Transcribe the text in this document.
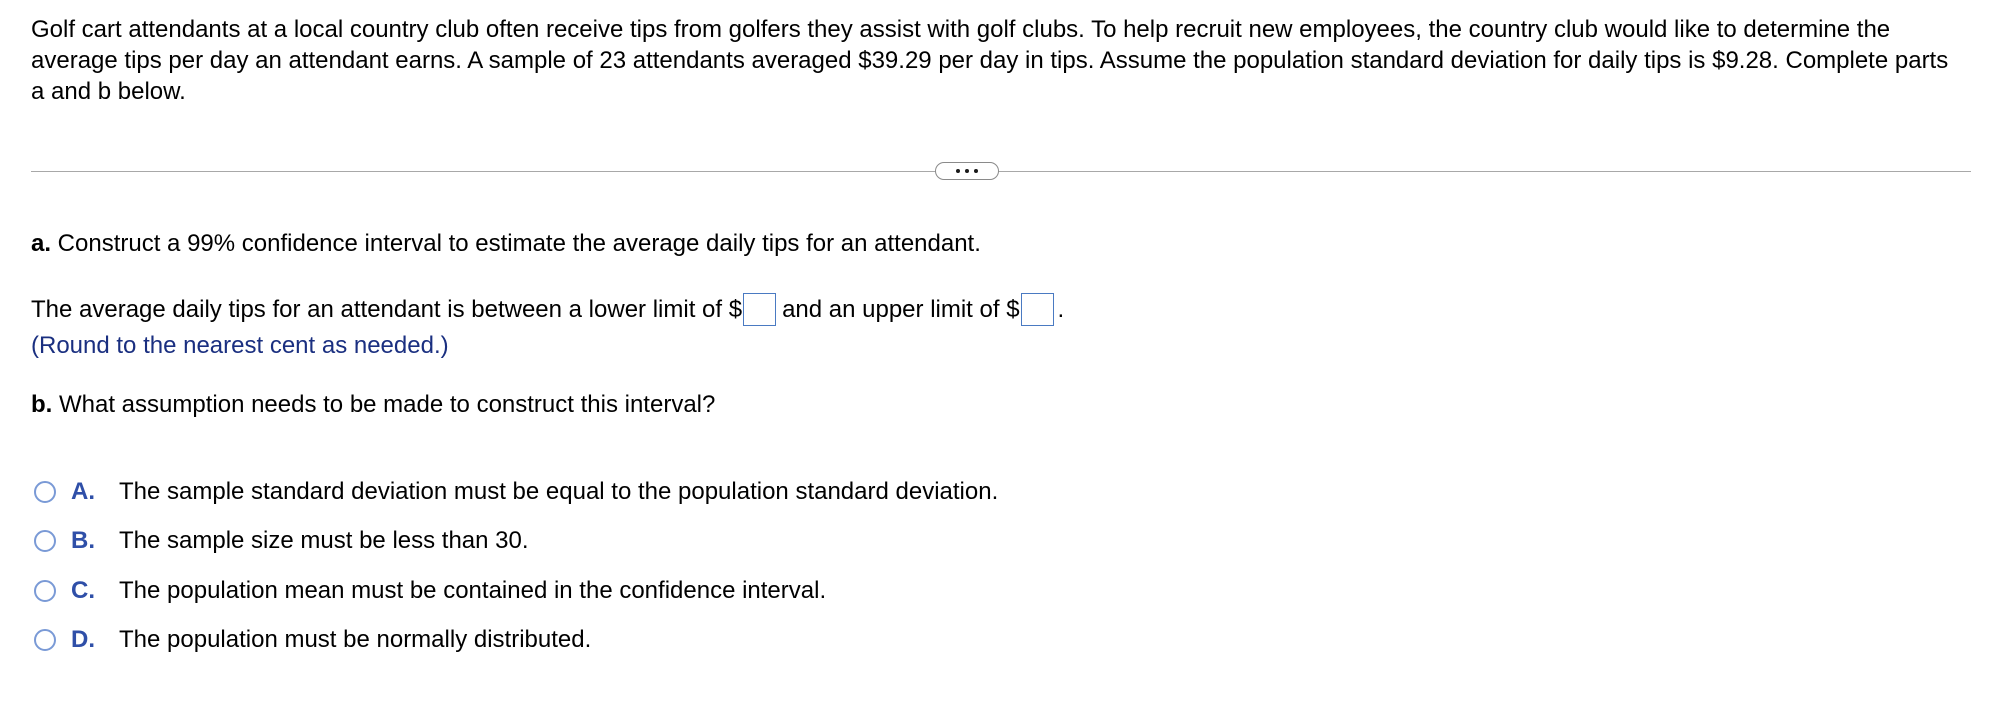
Golf cart attendants at a local country club often receive tips from golfers they assist with golf clubs. To help recruit new employees, the country club would like to determine the average tips per day an attendant earns. A sample of 23 attendants averaged $39.29 per day in tips. Assume the population standard deviation for daily tips is $9.28. Complete parts a and b below.

a. Construct a 99% confidence interval to estimate the average daily tips for an attendant.

The average daily tips for an attendant is between a lower limit of $ and an upper limit of $ .

(Round to the nearest cent as needed.)

b. What assumption needs to be made to construct this interval?

A.	The sample standard deviation must be equal to the population standard deviation.
B.	The sample size must be less than 30.
C.	The population mean must be contained in the confidence interval.
D.	The population must be normally distributed.
